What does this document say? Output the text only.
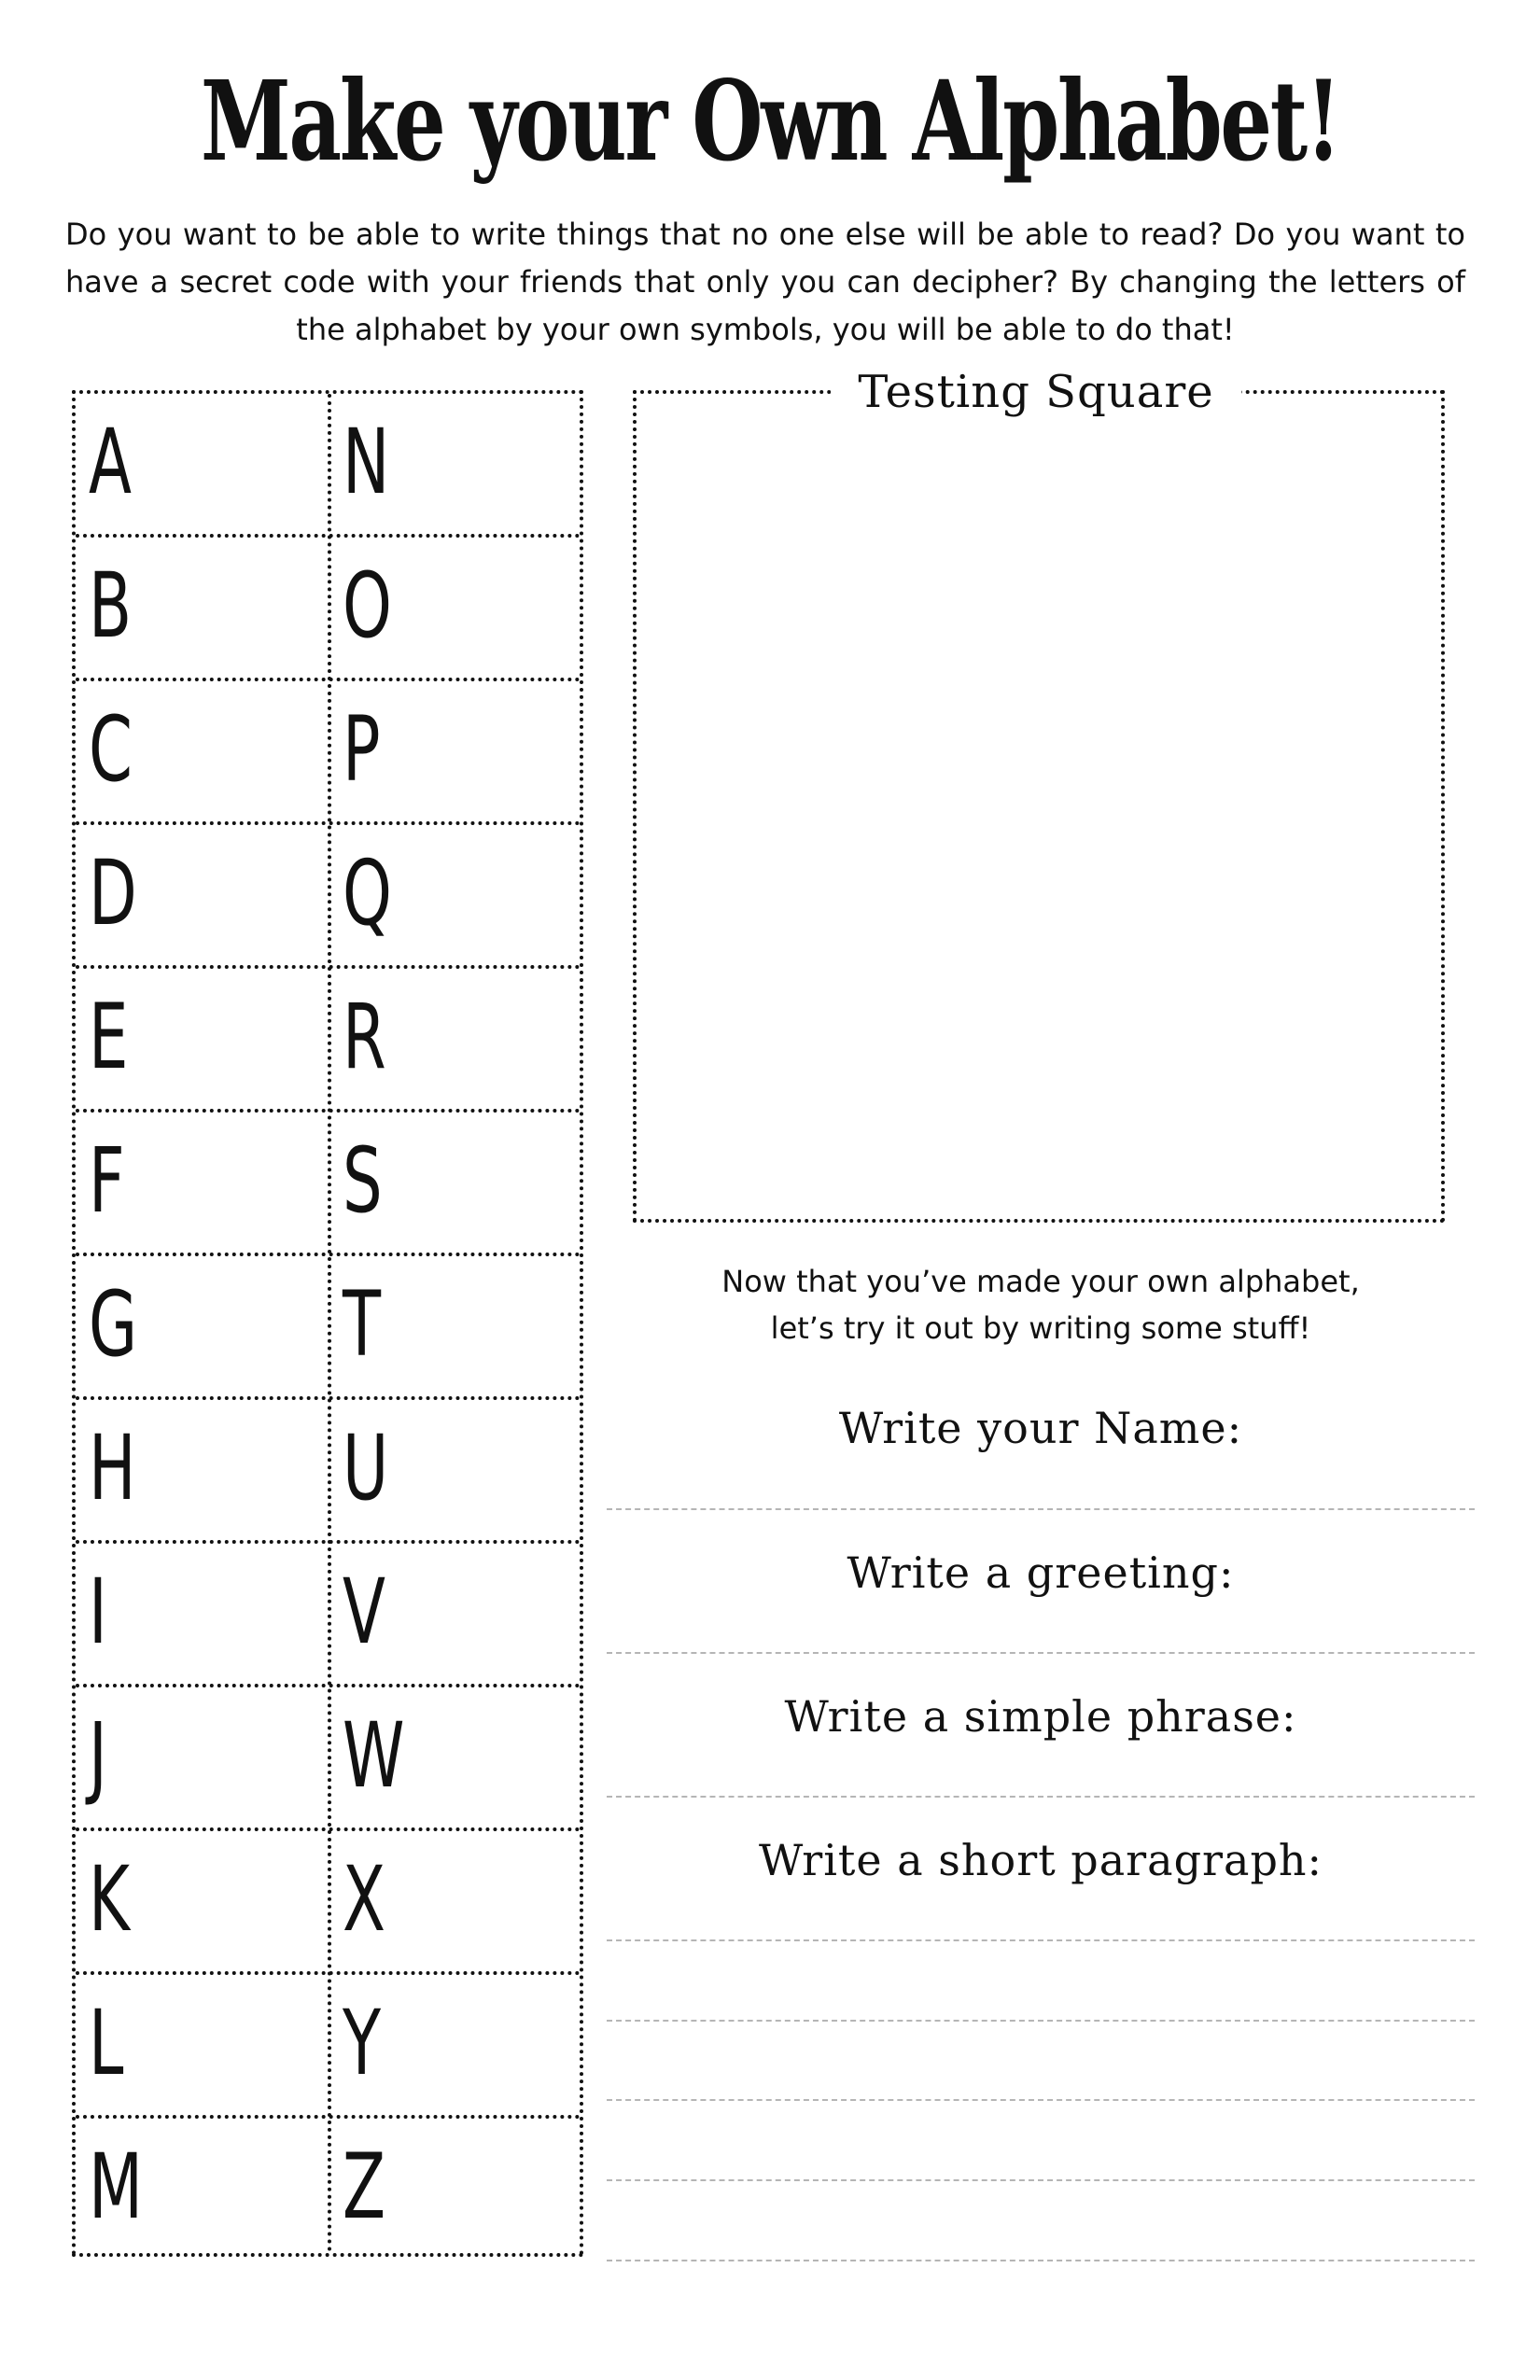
Make your Own Alphabet!
Do you want to be able to write things that no one else will be able to read? Do you want to have a secret code with your friends that only you can decipher? By changing the letters of the alphabet by your own symbols, you will be able to do that!
A
B
C
D
E
F
G
H
I
J
K
L
M
N
O
P
Q
R
S
T
U
V
W
X
Y
Z
Testing Square
Now that you’ve made your own alphabet,
let’s try it out by writing some stuff!
Write your Name:
Write a greeting:
Write a simple phrase:
Write a short paragraph:
